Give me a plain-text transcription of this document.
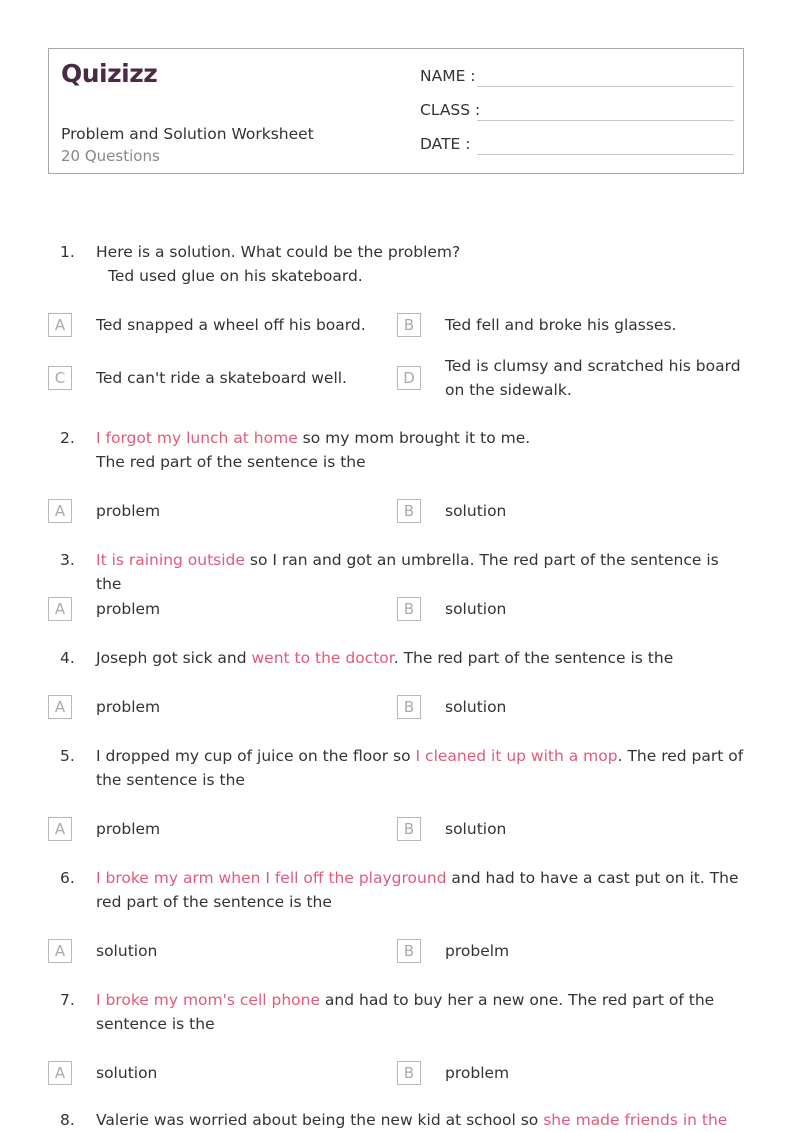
Quizizz
Problem and Solution Worksheet
20 Questions
NAME :
CLASS :
DATE :
1. Here is a solution. What could be the problem?
Ted used glue on his skateboard.
A	Ted snapped a wheel off his board.	B	Ted fell and broke his glasses.
C	Ted can't ride a skateboard well.	D
Ted is clumsy and scratched his board on the sidewalk.
2. I forgot my lunch at home so my mom brought it to me.
The red part of the sentence is the
A	problem	B	solution
3. It is raining outside so I ran and got an umbrella. The red part of the sentence is the
A	problem	B	solution
4. Joseph got sick and went to the doctor. The red part of the sentence is the
A	problem	B	solution
5. I dropped my cup of juice on the floor so I cleaned it up with a mop. The red part of the sentence is the
A	problem	B	solution
6. I broke my arm when I fell off the playground and had to have a cast put on it. The red part of the sentence is the
A	solution	B	probelm
7. I broke my mom's cell phone and had to buy her a new one. The red part of the sentence is the
A	solution	B	problem
8. Valerie was worried about being the new kid at school so she made friends in the
